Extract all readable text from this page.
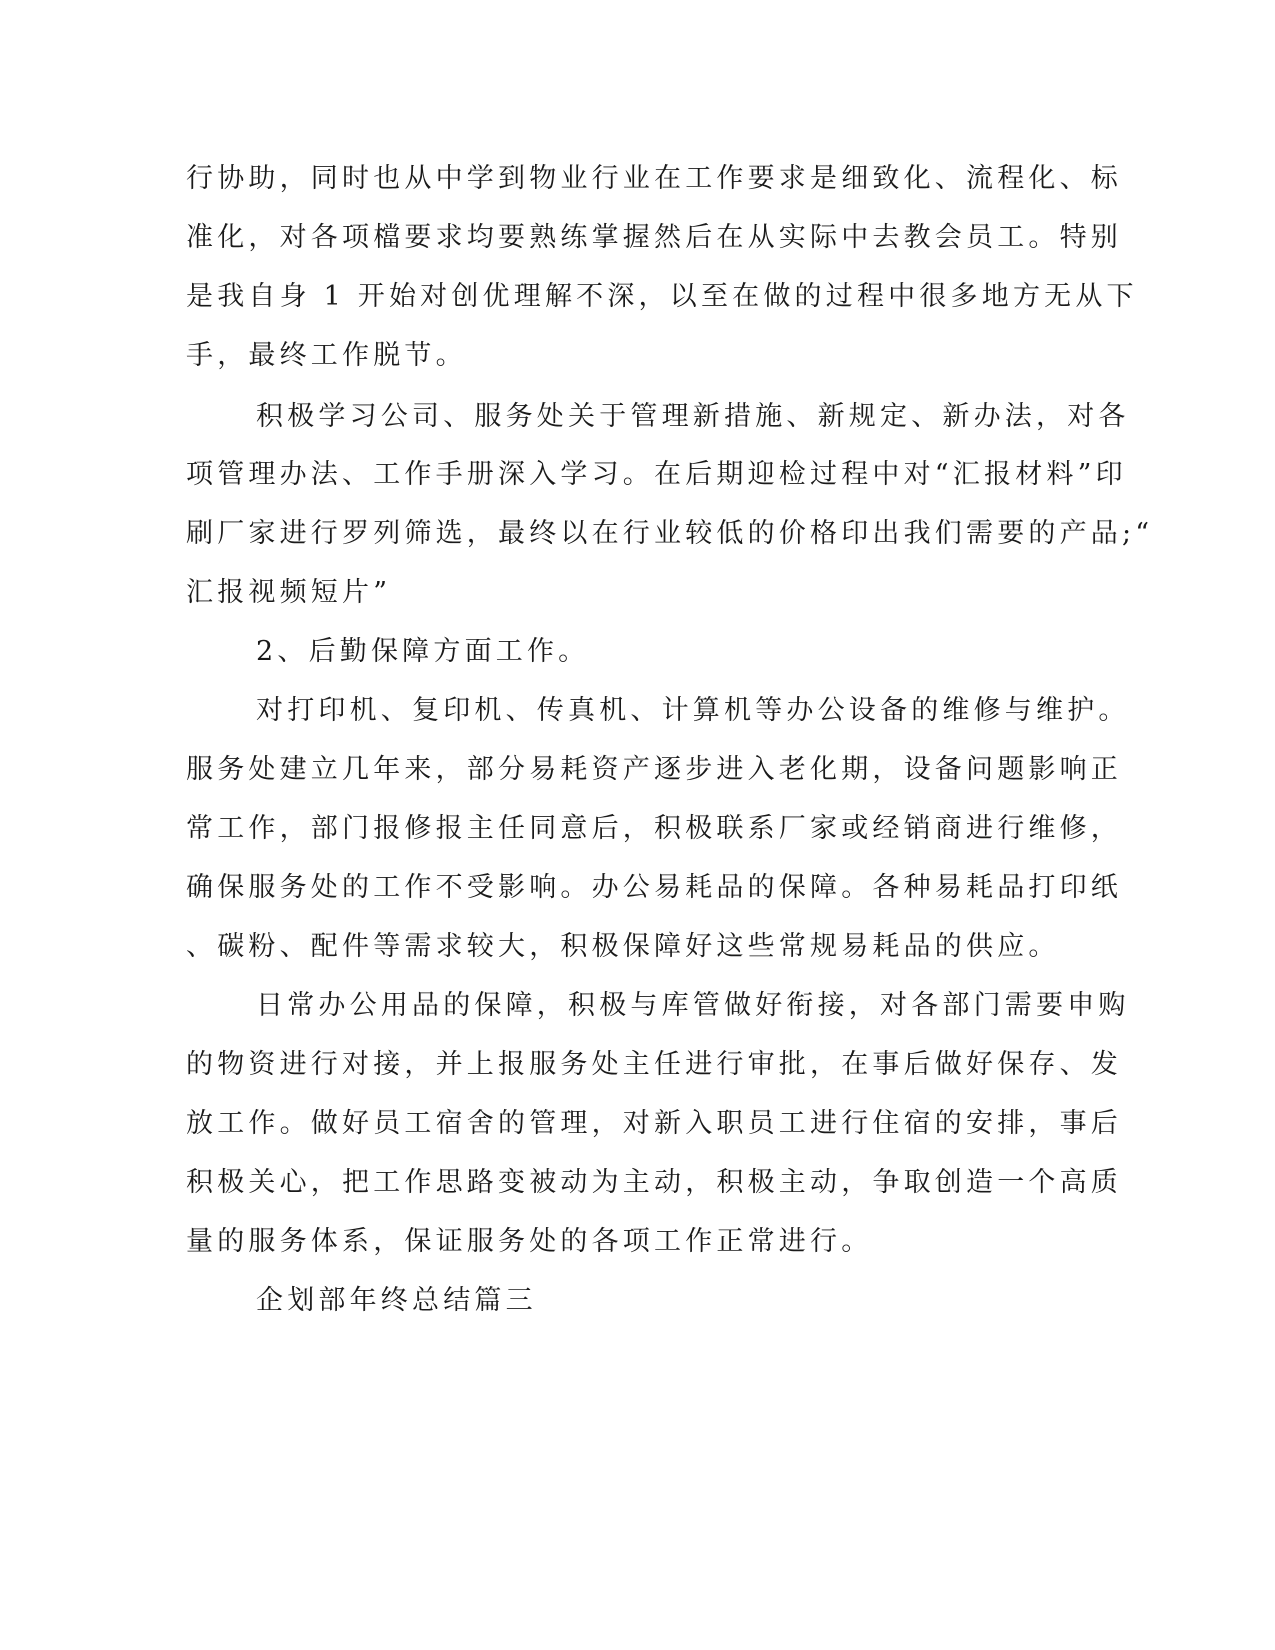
行协助，同时也从中学到物业行业在工作要求是细致化、流程化、标
准化，对各项檔要求均要熟练掌握然后在从实际中去教会员工。特别
是我自身 1 开始对创优理解不深，以至在做的过程中很多地方无从下
手，最终工作脱节。
积极学习公司、服务处关于管理新措施、新规定、新办法，对各
项管理办法、工作手册深入学习。在后期迎检过程中对“汇报材料”印
刷厂家进行罗列筛选，最终以在行业较低的价格印出我们需要的产品;“
汇报视频短片”
2、后勤保障方面工作。
对打印机、复印机、传真机、计算机等办公设备的维修与维护。
服务处建立几年来，部分易耗资产逐步进入老化期，设备问题影响正
常工作，部门报修报主任同意后，积极联系厂家或经销商进行维修，
确保服务处的工作不受影响。办公易耗品的保障。各种易耗品打印纸
、碳粉、配件等需求较大，积极保障好这些常规易耗品的供应。
日常办公用品的保障，积极与库管做好衔接，对各部门需要申购
的物资进行对接，并上报服务处主任进行审批，在事后做好保存、发
放工作。做好员工宿舍的管理，对新入职员工进行住宿的安排，事后
积极关心，把工作思路变被动为主动，积极主动，争取创造一个高质
量的服务体系，保证服务处的各项工作正常进行。
企划部年终总结篇三
